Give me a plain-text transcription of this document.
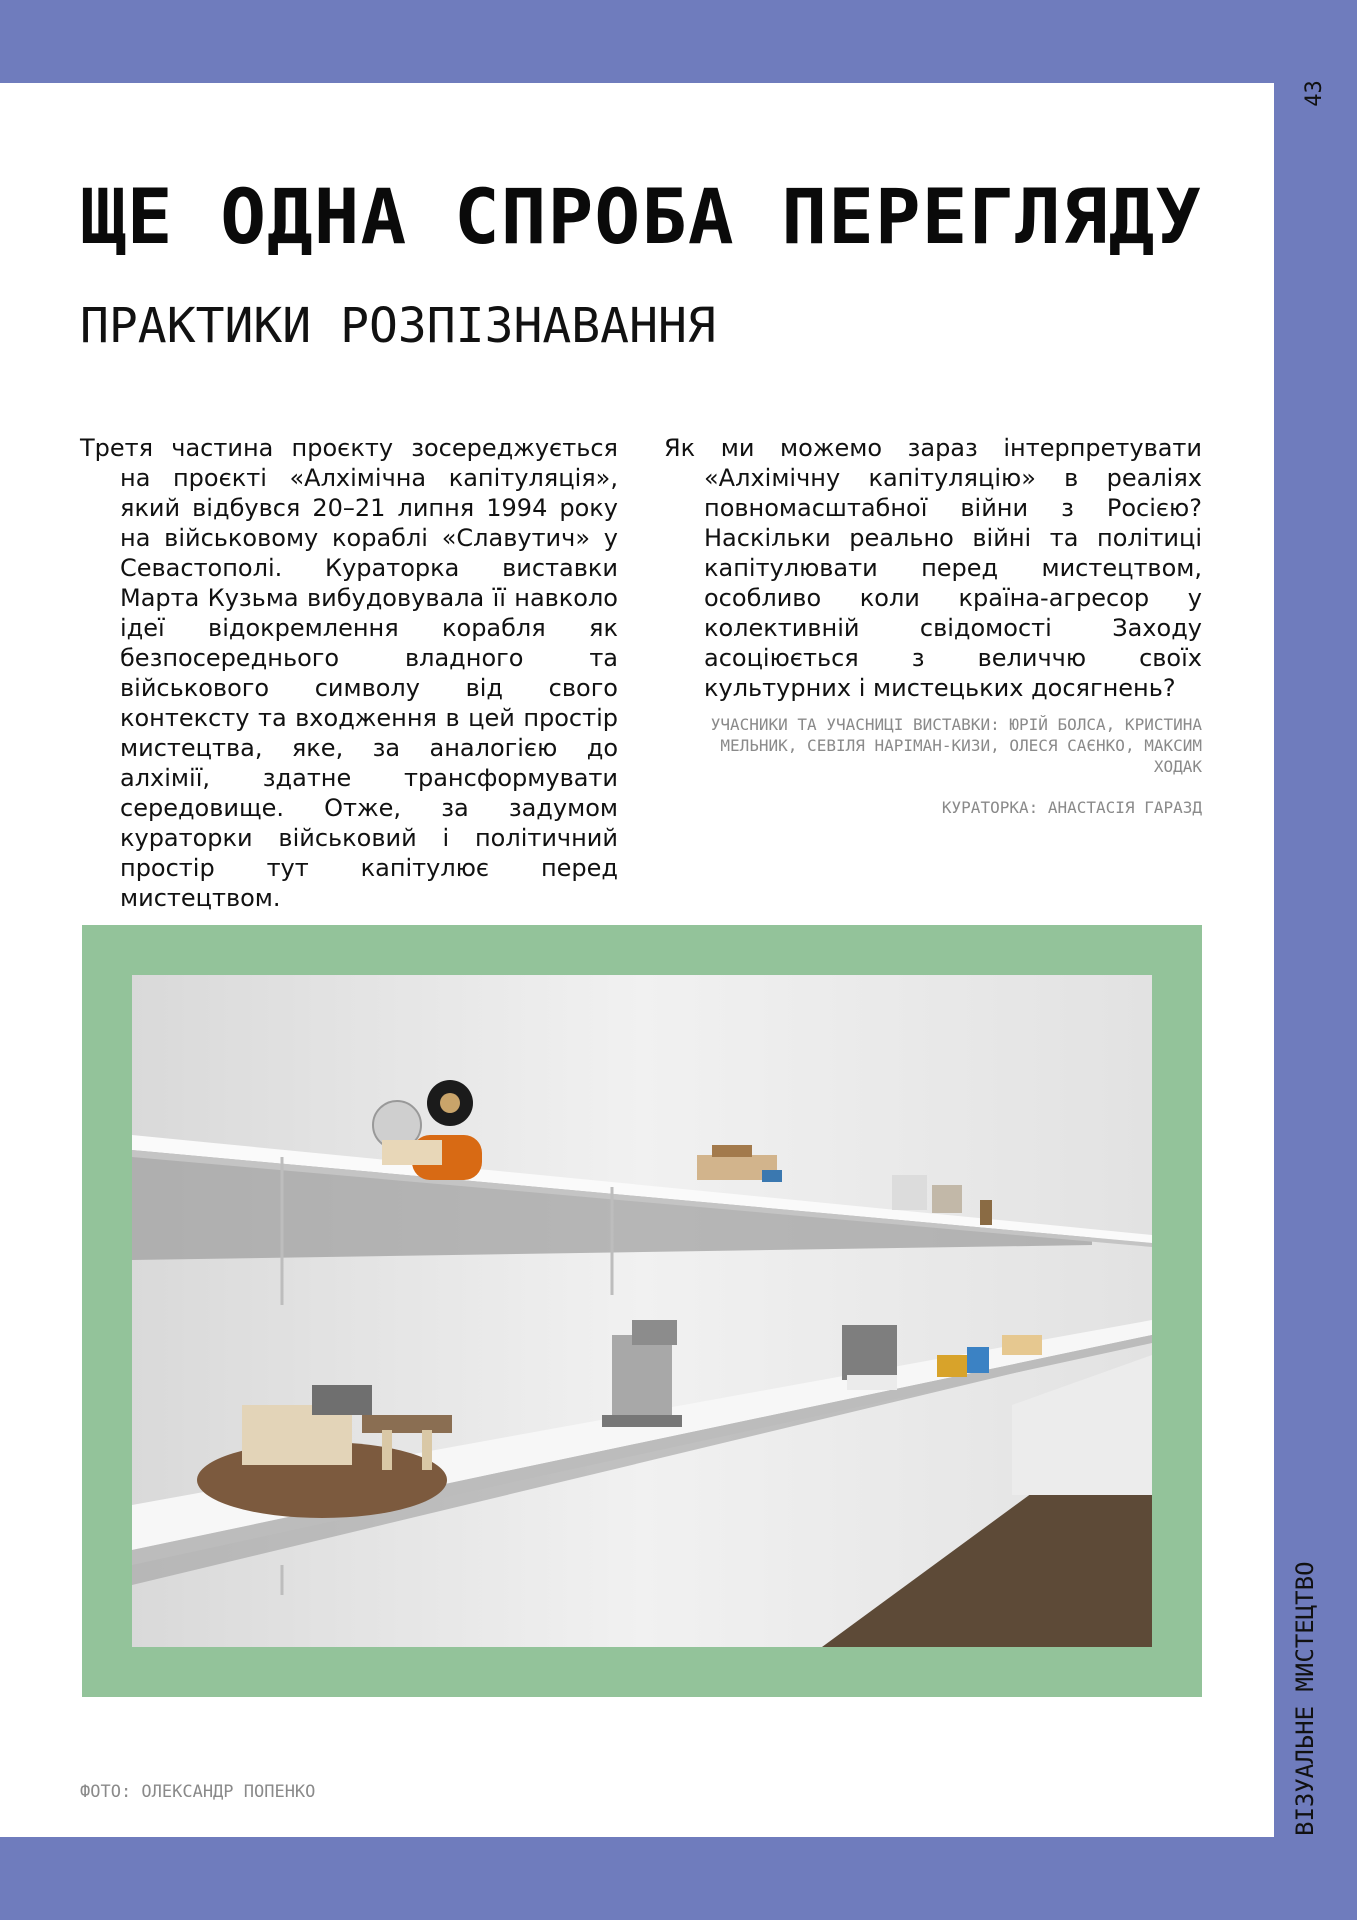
43
ВІЗУАЛЬНЕ МИСТЕЦТВО
ЩЕ ОДНА СПРОБА ПЕРЕГЛЯДУ
ПРАКТИКИ РОЗПІЗНАВАННЯ

Третя частина проєкту зосереджується на проєкті «Алхімічна капітуляція», який відбувся 20–21 липня 1994 року на військовому кораблі «Славутич» у Севастополі. Кураторка виставки Марта Кузьма вибудовувала її навколо ідеї відокремлення корабля як безпосереднього владного та військового символу від свого контексту та входження в цей простір мистецтва, яке, за аналогією до алхімії, здатне трансформувати середовище. Отже, за задумом кураторки військовий і політичний простір тут капітулює перед мистецтвом.

Як ми можемо зараз інтерпретувати «Алхімічну капітуляцію» в реаліях повномасштабної війни з Росією? Наскільки реально війні та політиці капітулювати перед мистецтвом, особливо коли країна-агресор у колективній свідомості Заходу асоціюється з величчю своїх культурних і мистецьких досягнень?

УЧАСНИКИ ТА УЧАСНИЦІ ВИСТАВКИ: ЮРІЙ БОЛСА, КРИСТИНА МЕЛЬНИК, СЕВІЛЯ НАРІМАН-КИЗИ, ОЛЕСЯ САЄНКО, МАКСИМ ХОДАК

КУРАТОРКА: АНАСТАСІЯ ГАРАЗД

ФОТО: ОЛЕКСАНДР ПОПЕНКО
